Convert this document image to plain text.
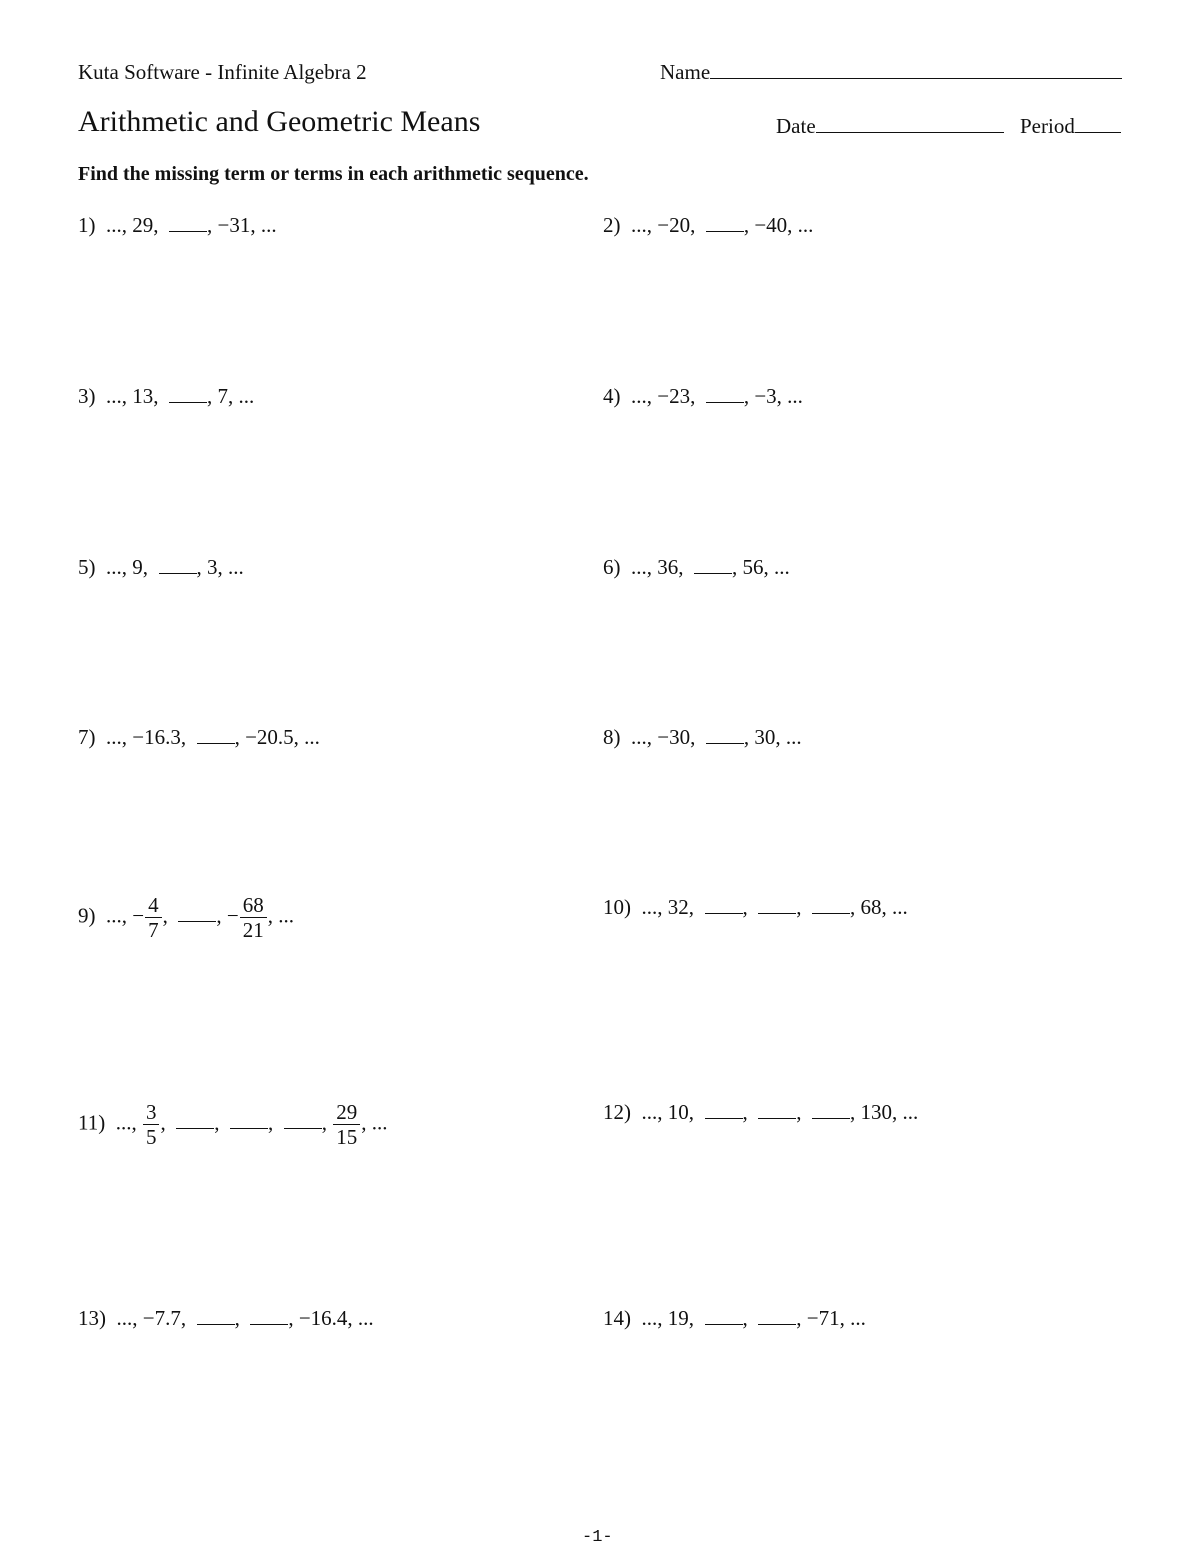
Kuta Software - Infinite Algebra 2	Name
Arithmetic and Geometric Means	Date	Period
Find the missing term or terms in each arithmetic sequence.
1) ..., 29, , −31, ...	2) ..., −20, , −40, ...
3) ..., 13, , 7, ...	4) ..., −23, , −3, ...
5) ..., 9, , 3, ...	6) ..., 36, , 56, ...
7) ..., −16.3, , −20.5, ...	8) ..., −30, , 30, ...
9) ..., − $\frac{4}{7}$ , , − $\frac{68}{21}$ , ...	10) ..., 32, ,  ,  , 68, ...
11) ..., $\frac{3}{5}$ ,  ,  ,  , $\frac{29}{15}$ , ...	12) ..., 10, ,  ,  , 130, ...
13) ..., −7.7, ,  , −16.4, ...	14) ..., 19, ,  , −71, ...
-1-
